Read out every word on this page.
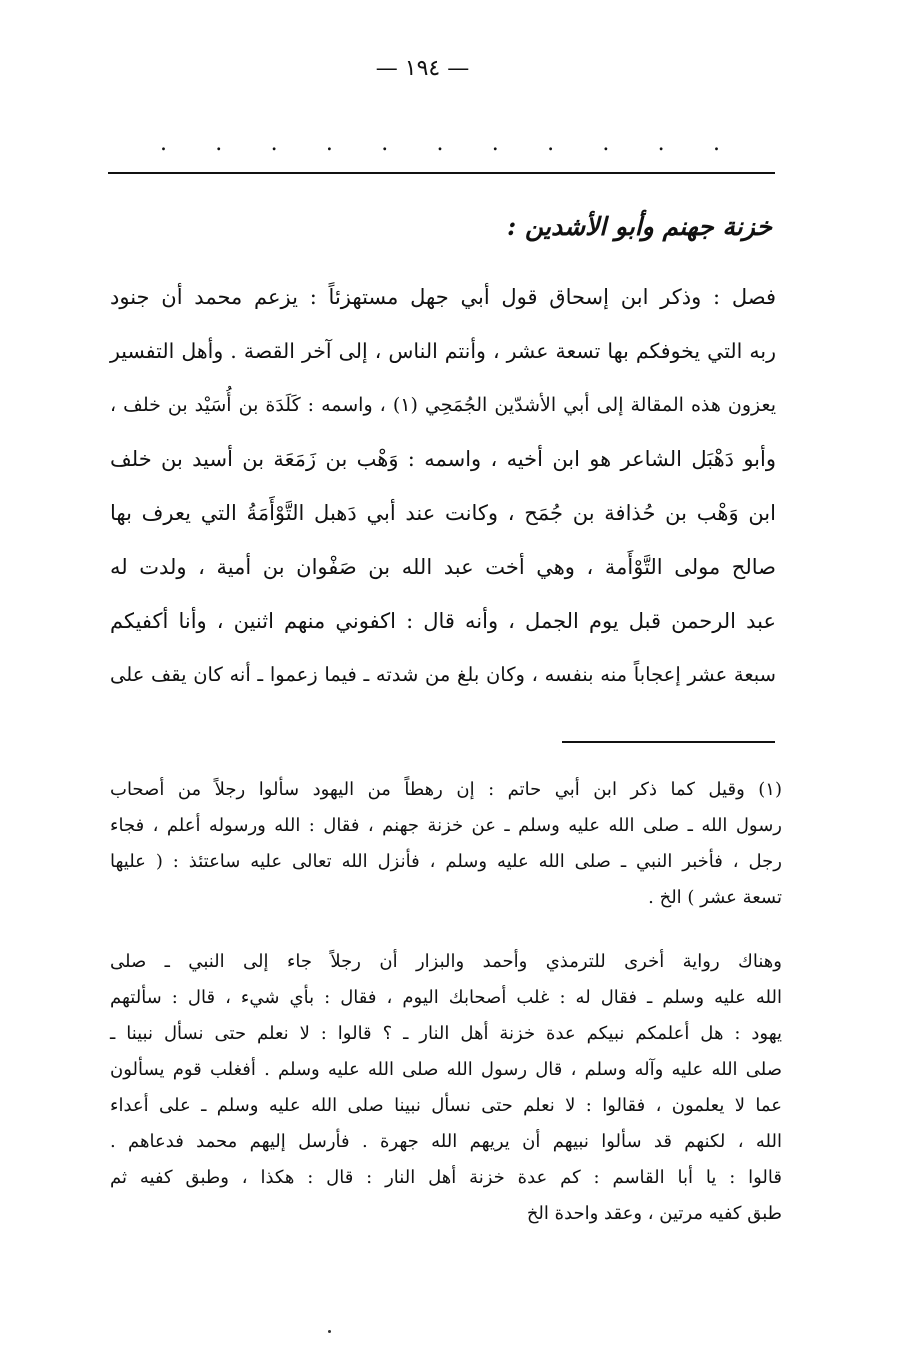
— ١٩٤ —
. . . . . . . . . . .
خزنة جهنم وأبو الأشدين :
فصل : وذكر ابن إسحاق قول أبي جهل مستهزئاً : يزعم محمد أن جنود
ربه التي يخوفكم بها تسعة عشر ، وأنتم الناس ، إلى آخر القصة . وأهل التفسير
يعزون هذه المقالة إلى أبي الأشدّين الجُمَحِي (١) ، واسمه : كَلَدَة بن أُسَيْد بن خلف ،
وأبو دَهْبَل الشاعر هو ابن أخيه ، واسمه : وَهْب بن زَمَعَة بن أسيد بن خلف
ابن وَهْب بن حُذافة بن جُمَح ، وكانت عند أبي دَهبل التَّوْأَمَةُ التي يعرف بها
صالح مولى التَّوْأَمة ، وهي أخت عبد الله بن صَفْوان بن أمية ، ولدت له
عبد الرحمن قبل يوم الجمل ، وأنه قال : اكفوني منهم اثنين ، وأنا أكفيكم
سبعة عشر إعجاباً منه بنفسه ، وكان بلغ من شدته ـ فيما زعموا ـ أنه كان يقف على
(١) وقيل كما ذكر ابن أبي حاتم : إن رهطاً من اليهود سألوا رجلاً من أصحاب
رسول الله ـ صلى الله عليه وسلم ـ عن خزنة جهنم ، فقال : الله ورسوله أعلم ، فجاء
رجل ، فأخبر النبي ـ صلى الله عليه وسلم ، فأنزل الله تعالى عليه ساعتئذ : ( عليها
تسعة عشر ) الخ .
وهناك رواية أخرى للترمذي وأحمد والبزار أن رجلاً جاء إلى النبي ـ صلى
الله عليه وسلم ـ فقال له : غلب أصحابك اليوم ، فقال : بأي شيء ، قال : سألتهم
يهود : هل أعلمكم نبيكم عدة خزنة أهل النار ـ ؟ قالوا : لا نعلم حتى نسأل نبينا ـ
صلى الله عليه وآله وسلم ، قال رسول الله صلى الله عليه وسلم . أفغلب قوم يسألون
عما لا يعلمون ، فقالوا : لا نعلم حتى نسأل نبينا صلى الله عليه وسلم ـ على أعداء
الله ، لكنهم قد سألوا نبيهم أن يريهم الله جهرة . فأرسل إليهم محمد فدعاهم .
قالوا : يا أبا القاسم : كم عدة خزنة أهل النار : قال : هكذا ، وطبق كفيه ثم
طبق كفيه مرتين ، وعقد واحدة الخ
